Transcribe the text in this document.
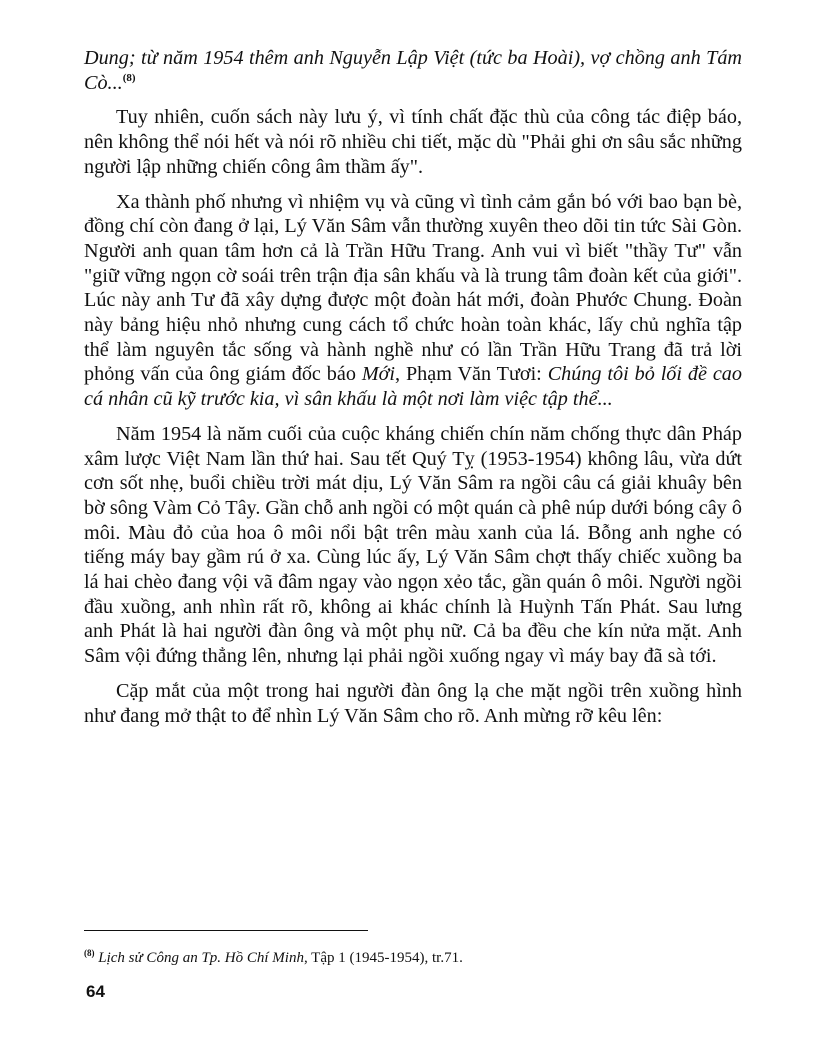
Dung; từ năm 1954 thêm anh Nguyễn Lập Việt (tức ba Hoài), vợ chồng anh Tám Cò...$^{(8)}$

Tuy nhiên, cuốn sách này lưu ý, vì tính chất đặc thù của công tác điệp báo, nên không thể nói hết và nói rõ nhiều chi tiết, mặc dù "Phải ghi ơn sâu sắc những người lập những chiến công âm thầm ấy".

Xa thành phố nhưng vì nhiệm vụ và cũng vì tình cảm gắn bó với bao bạn bè, đồng chí còn đang ở lại, Lý Văn Sâm vẫn thường xuyên theo dõi tin tức Sài Gòn. Người anh quan tâm hơn cả là Trần Hữu Trang. Anh vui vì biết "thầy Tư" vẫn "giữ vững ngọn cờ soái trên trận địa sân khấu và là trung tâm đoàn kết của giới". Lúc này anh Tư đã xây dựng được một đoàn hát mới, đoàn Phước Chung. Đoàn này bảng hiệu nhỏ nhưng cung cách tổ chức hoàn toàn khác, lấy chủ nghĩa tập thể làm nguyên tắc sống và hành nghề như có lần Trần Hữu Trang đã trả lời phỏng vấn của ông giám đốc báo Mới, Phạm Văn Tươi: Chúng tôi bỏ lối đề cao cá nhân cũ kỹ trước kia, vì sân khấu là một nơi làm việc tập thể...

Năm 1954 là năm cuối của cuộc kháng chiến chín năm chống thực dân Pháp xâm lược Việt Nam lần thứ hai. Sau tết Quý Tỵ (1953-1954) không lâu, vừa dứt cơn sốt nhẹ, buổi chiều trời mát dịu, Lý Văn Sâm ra ngồi câu cá giải khuây bên bờ sông Vàm Cỏ Tây. Gần chỗ anh ngồi có một quán cà phê núp dưới bóng cây ô môi. Màu đỏ của hoa ô môi nổi bật trên màu xanh của lá. Bỗng anh nghe có tiếng máy bay gầm rú ở xa. Cùng lúc ấy, Lý Văn Sâm chợt thấy chiếc xuồng ba lá hai chèo đang vội vã đâm ngay vào ngọn xẻo tắc, gần quán ô môi. Người ngồi đầu xuồng, anh nhìn rất rõ, không ai khác chính là Huỳnh Tấn Phát. Sau lưng anh Phát là hai người đàn ông và một phụ nữ. Cả ba đều che kín nửa mặt. Anh Sâm vội đứng thẳng lên, nhưng lại phải ngồi xuống ngay vì máy bay đã sà tới.

Cặp mắt của một trong hai người đàn ông lạ che mặt ngồi trên xuồng hình như đang mở thật to để nhìn Lý Văn Sâm cho rõ. Anh mừng rỡ kêu lên:

$^{(8)}$ Lịch sử Công an Tp. Hồ Chí Minh, Tập 1 (1945-1954), tr.71.
64
